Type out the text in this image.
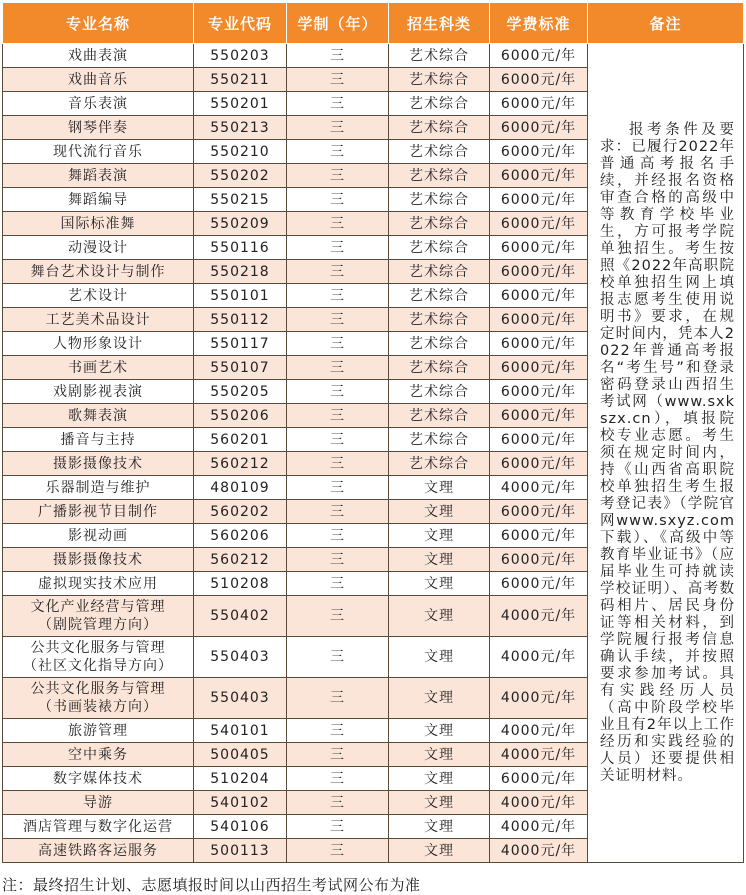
专业名称	专业代码	学制（年）	招生科类	学费标准	备注

戏曲表演	550203	三	艺术综合	6000元/年	报考条件及要求：已履行2022年普通高考报名手续，并经报名资格审查合格的高级中等教育学校毕业生，方可报考学院单独招生。考生按照《2022年高职院校单独招生网上填报志愿考生使用说明书》要求，在规定时间内，凭本人2022年普通高考报名“考生号”和登录密码登录山西招生考试网（www.sxkszx.cn），填报院校专业志愿。考生须在规定时间内，持《山西省高职院校单独招生考生报考登记表》（学院官网www.sxyz.com下载）、《高级中等教育毕业证书》（应届毕业生可持就读学校证明）、高考数码相片、居民身份证等相关材料，到学院履行报考信息确认手续，并按照要求参加考试。具有实践经历人员（高中阶段学校毕业且有2年以上工作经历和实践经验的人员）还要提供相关证明材料。

戏曲音乐	550211	三	艺术综合	6000元/年	

音乐表演	550201	三	艺术综合	6000元/年	

钢琴伴奏	550213	三	艺术综合	6000元/年	

现代流行音乐	550210	三	艺术综合	6000元/年	

舞蹈表演	550202	三	艺术综合	6000元/年	

舞蹈编导	550215	三	艺术综合	6000元/年	

国际标准舞	550209	三	艺术综合	6000元/年	

动漫设计	550116	三	艺术综合	6000元/年	

舞台艺术设计与制作	550218	三	艺术综合	6000元/年	

艺术设计	550101	三	艺术综合	6000元/年	

工艺美术品设计	550112	三	艺术综合	6000元/年	

人物形象设计	550117	三	艺术综合	6000元/年	

书画艺术	550107	三	艺术综合	6000元/年	

戏剧影视表演	550205	三	艺术综合	6000元/年	

歌舞表演	550206	三	艺术综合	6000元/年	

播音与主持	560201	三	艺术综合	6000元/年	

摄影摄像技术	560212	三	艺术综合	6000元/年	

乐器制造与维护	480109	三	文理	4000元/年	

广播影视节目制作	560202	三	文理	6000元/年	

影视动画	560206	三	文理	6000元/年	

摄影摄像技术	560212	三	文理	6000元/年	

虚拟现实技术应用	510208	三	文理	6000元/年	

文化产业经营与管理
（剧院管理方向）	550402	三	文理	4000元/年	

公共文化服务与管理
（社区文化指导方向）	550403	三	文理	4000元/年	

公共文化服务与管理
（书画装裱方向）	550403	三	文理	4000元/年	

旅游管理	540101	三	文理	4000元/年	

空中乘务	500405	三	文理	4000元/年	

数字媒体技术	510204	三	文理	6000元/年	

导游	540102	三	文理	4000元/年	

酒店管理与数字化运营	540106	三	文理	4000元/年	

高速铁路客运服务	500113	三	文理	4000元/年	
注：最终招生计划、志愿填报时间以山西招生考试网公布为准
